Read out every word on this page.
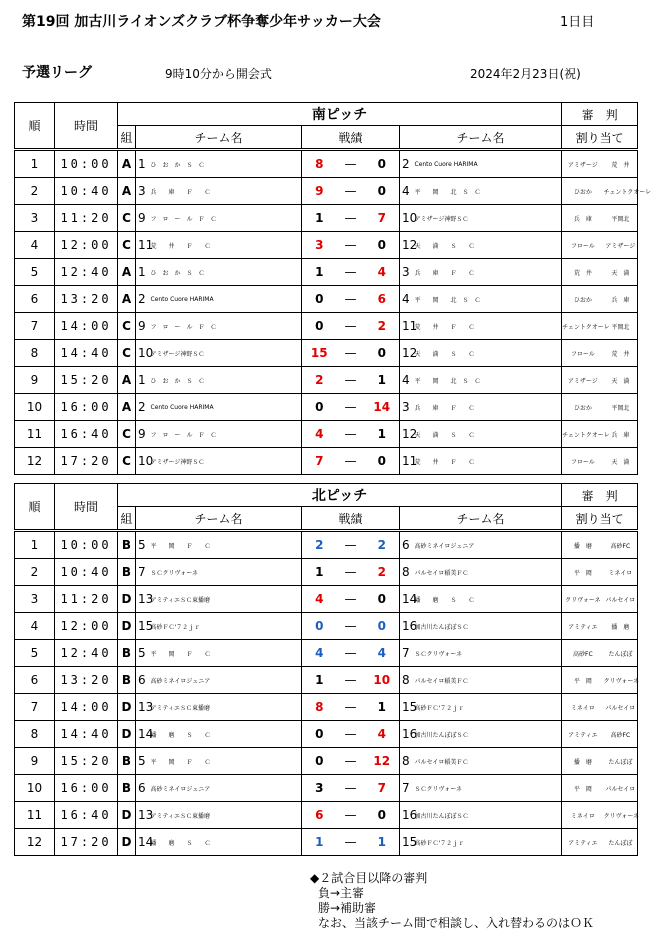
第19回 加古川ライオンズクラブ杯争奪少年サッカー大会	1日目
予選リーグ	9時10分から開会式	2024年2月23日(祝)
順	時間	南ピッチ								審　判	
		組	チーム名		戦績			チーム名		割り当て	
1	10:00	A	1	ひ　お　か　Ｓ　Ｃ	8	—	0	2	Cento Cuore HARIMA	アミザージ	荒　井
2	10:40	A	3	兵　　庫　　Ｆ　　Ｃ	9	—	0	4	平　　岡　　北　Ｓ　Ｃ	ひおか	チェントクオーレ
3	11:20	C	9	フ　ロ　ー　ル　Ｆ　Ｃ	1	—	7	10	アミザージ神野ＳＣ	兵　庫	平岡北
4	12:00	C	11	荒　　井　　Ｆ　　Ｃ	3	—	0	12	天　　満　　Ｓ　　Ｃ	フロール	アミザージ
5	12:40	A	1	ひ　お　か　Ｓ　Ｃ	1	—	4	3	兵　　庫　　Ｆ　　Ｃ	荒　井	天　満
6	13:20	A	2	Cento Cuore HARIMA	0	—	6	4	平　　岡　　北　Ｓ　Ｃ	ひおか	兵　庫
7	14:00	C	9	フ　ロ　ー　ル　Ｆ　Ｃ	0	—	2	11	荒　　井　　Ｆ　　Ｃ	チェントクオーレ	平岡北
8	14:40	C	10	アミザージ神野ＳＣ	15	—	0	12	天　　満　　Ｓ　　Ｃ	フロール	荒　井
9	15:20	A	1	ひ　お　か　Ｓ　Ｃ	2	—	1	4	平　　岡　　北　Ｓ　Ｃ	アミザージ	天　満
10	16:00	A	2	Cento Cuore HARIMA	0	—	14	3	兵　　庫　　Ｆ　　Ｃ	ひおか	平岡北
11	16:40	C	9	フ　ロ　ー　ル　Ｆ　Ｃ	4	—	1	12	天　　満　　Ｓ　　Ｃ	チェントクオーレ	兵　庫
12	17:20	C	10	アミザージ神野ＳＣ	7	—	0	11	荒　　井　　Ｆ　　Ｃ	フロール	天　満
順	時間	北ピッチ								審　判	
		組	チーム名		戦績			チーム名		割り当て	
1	10:00	B	5	平　　岡　　Ｆ　　Ｃ	2	—	2	6	高砂ミネイロジュニア	播　磨	高砂FC
2	10:40	B	7	ＳＣクリヴォーネ	1	—	2	8	パルセイロ稲美ＦＣ	平　岡	ミネイロ
3	11:20	D	13	アミティエＳＣ東播磨	4	—	0	14	播　　磨　　Ｓ　　Ｃ	クリヴォーネ	パルセイロ
4	12:00	D	15	高砂ＦＣ'７２ｊｒ	0	—	0	16	加古川たんぽぽＳＣ	アミティエ	播　磨
5	12:40	B	5	平　　岡　　Ｆ　　Ｃ	4	—	4	7	ＳＣクリヴォーネ	高砂FC	たんぽぽ
6	13:20	B	6	高砂ミネイロジュニア	1	—	10	8	パルセイロ稲美ＦＣ	平　岡	クリヴォーネ
7	14:00	D	13	アミティエＳＣ東播磨	8	—	1	15	高砂ＦＣ'７２ｊｒ	ミネイロ	パルセイロ
8	14:40	D	14	播　　磨　　Ｓ　　Ｃ	0	—	4	16	加古川たんぽぽＳＣ	アミティエ	高砂FC
9	15:20	B	5	平　　岡　　Ｆ　　Ｃ	0	—	12	8	パルセイロ稲美ＦＣ	播　磨	たんぽぽ
10	16:00	B	6	高砂ミネイロジュニア	3	—	7	7	ＳＣクリヴォーネ	平　岡	パルセイロ
11	16:40	D	13	アミティエＳＣ東播磨	6	—	0	16	加古川たんぽぽＳＣ	ミネイロ	クリヴォーネ
12	17:20	D	14	播　　磨　　Ｓ　　Ｃ	1	—	1	15	高砂ＦＣ'７２ｊｒ	アミティエ	たんぽぽ
◆２試合目以降の審判
負→主審
勝→補助審
なお、当該チーム間で相談し、入れ替わるのはＯＫ
